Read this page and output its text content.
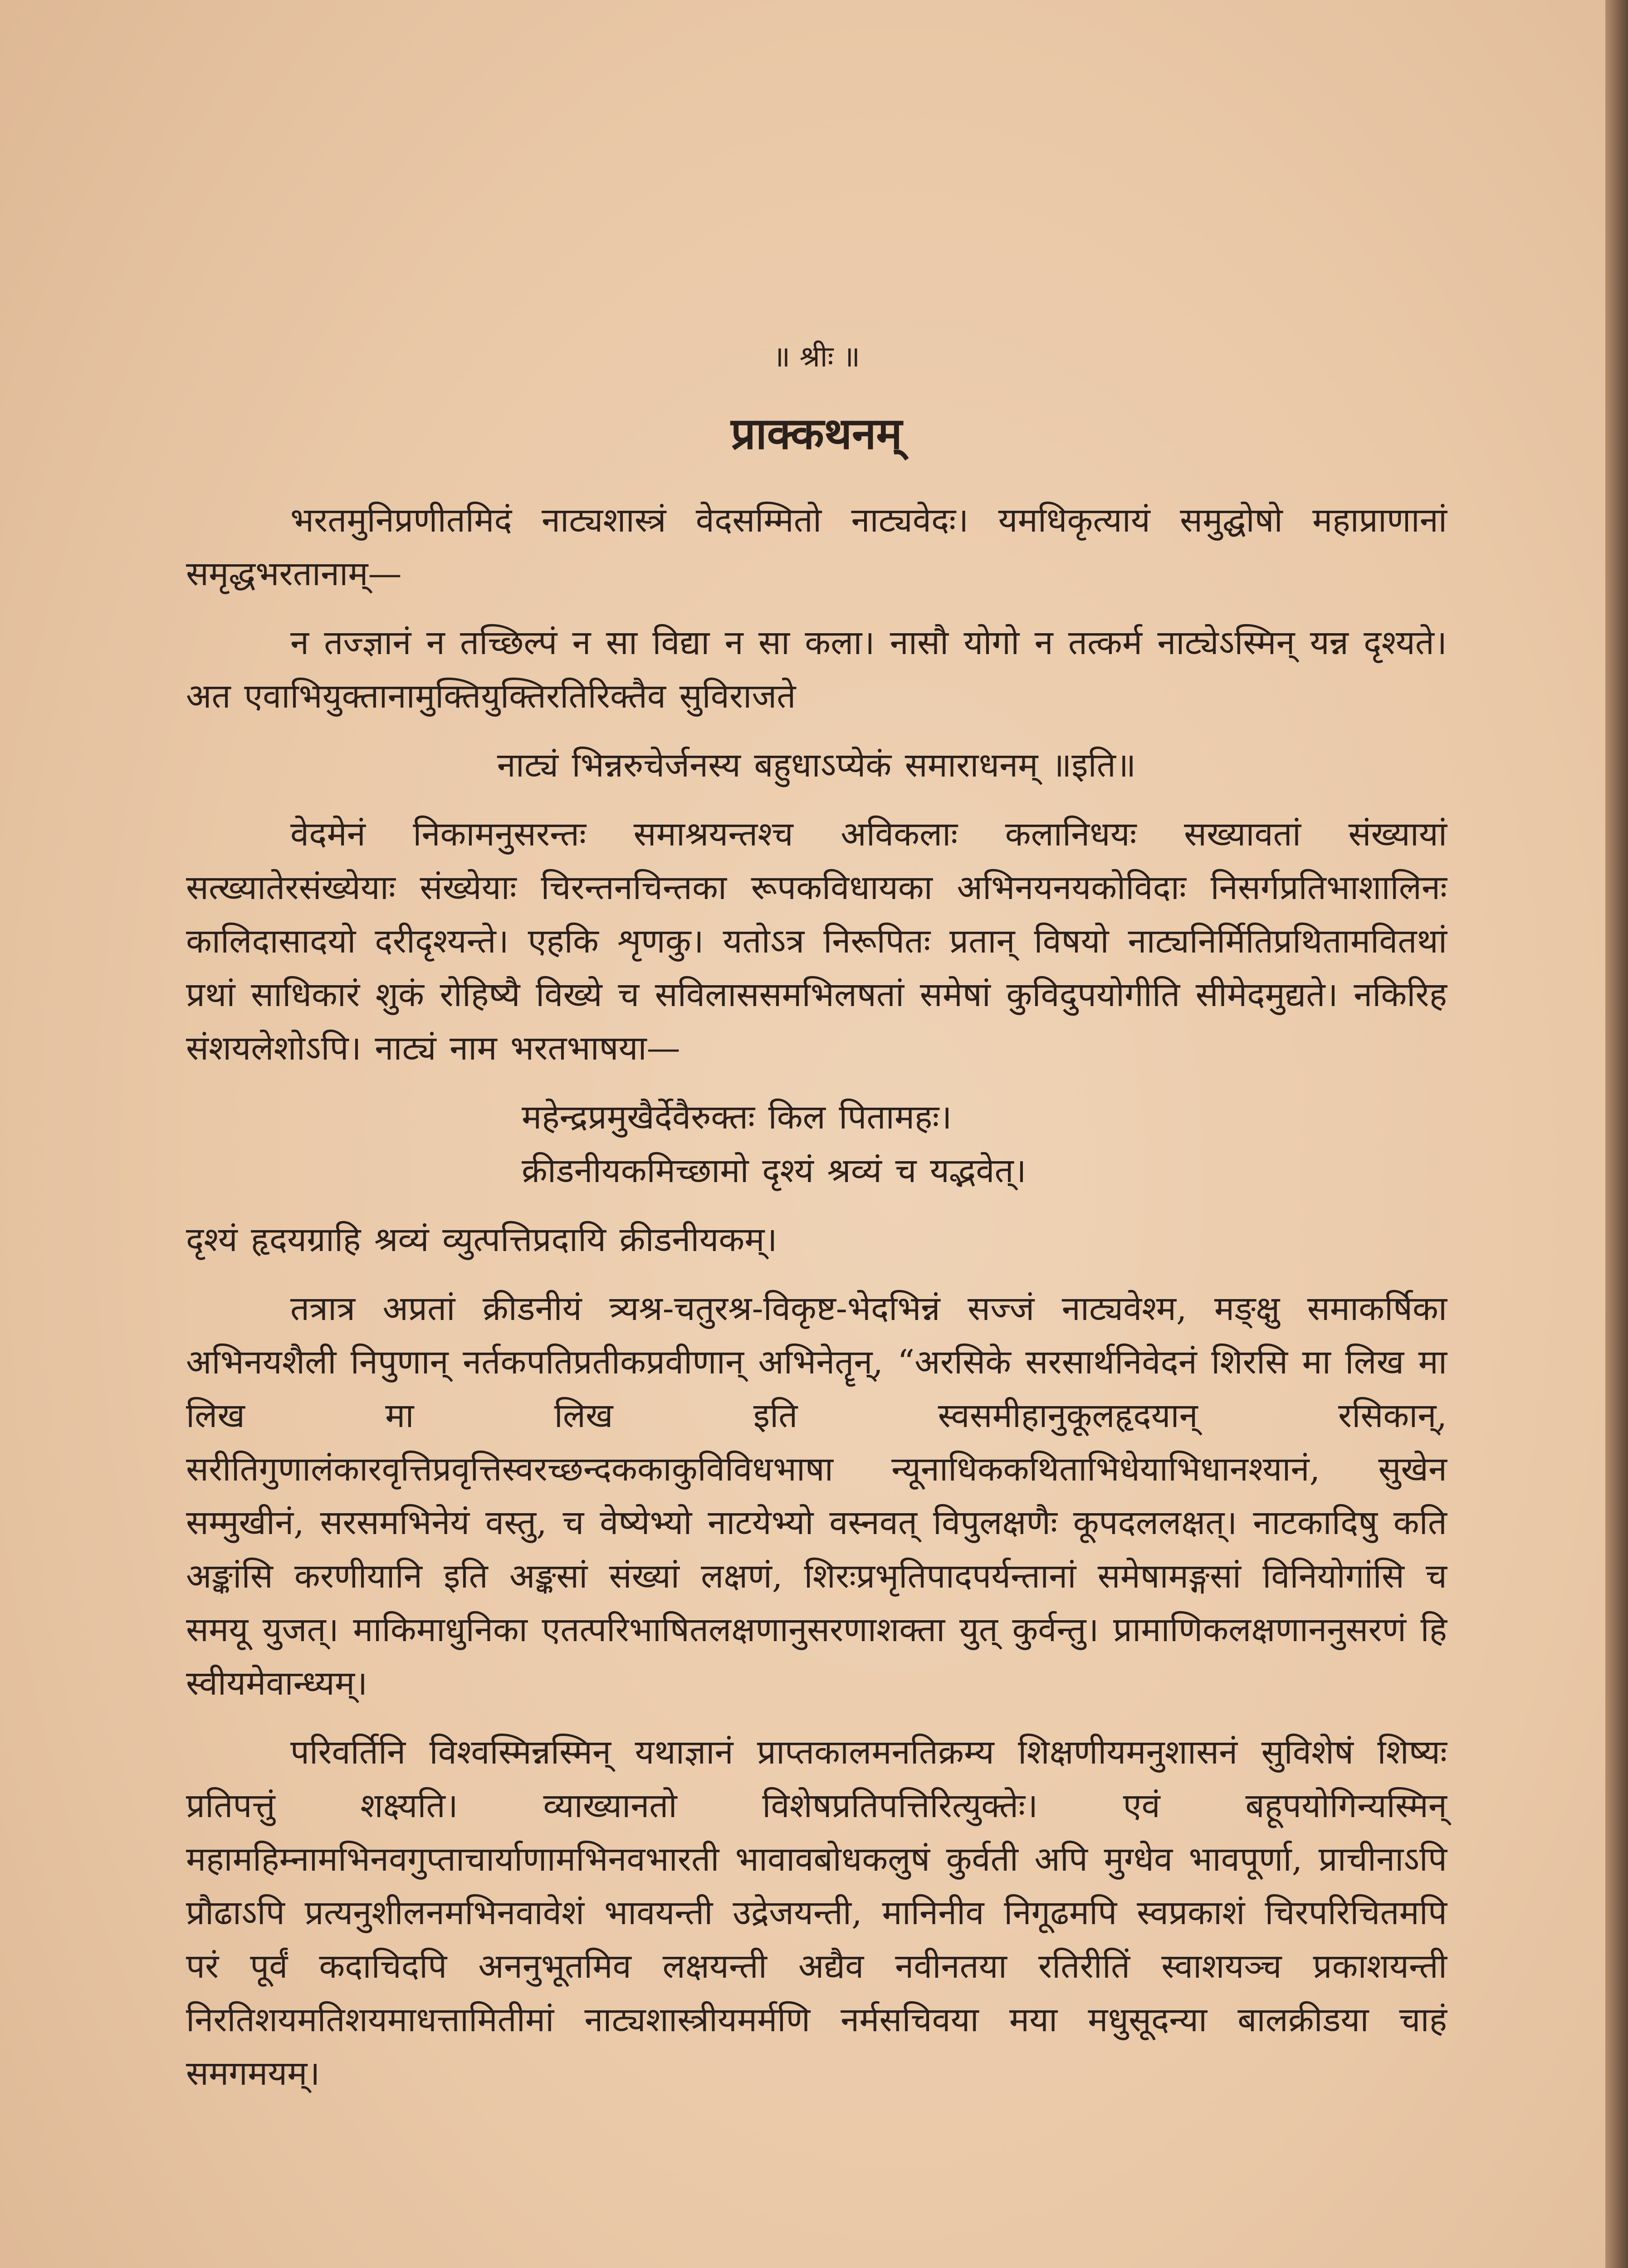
॥ श्रीः ॥
प्राक्कथनम्

भरतमुनिप्रणीतमिदं नाट्यशास्त्रं वेदसम्मितो नाट्यवेदः। यमधिकृत्यायं समुद्घोषो महाप्राणानां समृद्धभरतानाम्—

न तज्ज्ञानं न तच्छिल्पं न सा विद्या न सा कला। नासौ योगो न तत्कर्म नाट्येऽस्मिन् यन्न दृश्यते। अत एवाभियुक्तानामुक्तियुक्तिरतिरिक्तैव सुविराजते

नाट्यं भिन्नरुचेर्जनस्य बहुधाऽप्येकं समाराधनम् ॥इति॥

वेदमेनं निकामनुसरन्तः समाश्रयन्तश्च अविकलाः कलानिधयः सख्यावतां संख्यायां सत्ख्यातेरसंख्येयाः संख्येयाः चिरन्तनचिन्तका रूपकविधायका अभिनयनयकोविदाः निसर्गप्रतिभाशालिनः कालिदासादयो दरीदृश्यन्ते। एहकि शृणकु। यतोऽत्र निरूपितः प्रतान् विषयो नाट्यनिर्मितिप्रथितामवितथां प्रथां साधिकारं शुकं रोहिष्यै विख्ये च सविलाससमभिलषतां समेषां कुविदुपयोगीति सीमेदमुद्यते। नकिरिह संशयलेशोऽपि। नाट्यं नाम भरतभाषया—

महेन्द्रप्रमुखैर्देवैरुक्तः किल पितामहः।

क्रीडनीयकमिच्छामो दृश्यं श्रव्यं च यद्भवेत्।

दृश्यं हृदयग्राहि श्रव्यं व्युत्पत्तिप्रदायि क्रीडनीयकम्।

तत्रात्र अप्रतां क्रीडनीयं त्र्यश्र-चतुरश्र-विकृष्ट-भेदभिन्नं सज्जं नाट्यवेश्म, मङ्क्षु समाकर्षिका अभिनयशैली निपुणान् नर्तकपतिप्रतीकप्रवीणान् अभिनेतॄन्, “अरसिके सरसार्थनिवेदनं शिरसि मा लिख मा लिख मा लिख इति स्वसमीहानुकूलहृदयान् रसिकान्, सरीतिगुणालंकारवृत्तिप्रवृत्तिस्वरच्छन्दककाकुविविधभाषा न्यूनाधिककथिताभिधेयाभिधानश्यानं, सुखेन सम्मुखीनं, सरसमभिनेयं वस्तु, च वेष्येभ्यो नाटयेभ्यो वस्नवत् विपुलक्षणैः कूपदललक्षत्। नाटकादिषु कति अङ्कांसि करणीयानि इति अङ्कसां संख्यां लक्षणं, शिरःप्रभृतिपादपर्यन्तानां समेषामङ्गसां विनियोगांसि च समयू युजत्। माकिमाधुनिका एतत्परिभाषितलक्षणानुसरणाशक्ता युत् कुर्वन्तु। प्रामाणिकलक्षणाननुसरणं हि स्वीयमेवान्ध्यम्।

परिवर्तिनि विश्वस्मिन्नस्मिन् यथाज्ञानं प्राप्तकालमनतिक्रम्य शिक्षणीयमनुशासनं सुविशेषं शिष्यः प्रतिपत्तुं शक्ष्यति। व्याख्यानतो विशेषप्रतिपत्तिरित्युक्तेः। एवं बहूपयोगिन्यस्मिन् महामहिम्नामभिनवगुप्ताचार्याणामभिनवभारती भावावबोधकलुषं कुर्वती अपि मुग्धेव भावपूर्णा, प्राचीनाऽपि प्रौढाऽपि प्रत्यनुशीलनमभिनवावेशं भावयन्ती उद्रेजयन्ती, मानिनीव निगूढमपि स्वप्रकाशं चिरपरिचितमपि परं पूर्वं कदाचिदपि अननुभूतमिव लक्षयन्ती अद्यैव नवीनतया रतिरीतिं स्वाशयञ्च प्रकाशयन्ती निरतिशयमतिशयमाधत्तामितीमां नाट्यशास्त्रीयमर्मणि नर्मसचिवया मया मधुसूदन्या बालक्रीडया चाहं समगमयम्।
